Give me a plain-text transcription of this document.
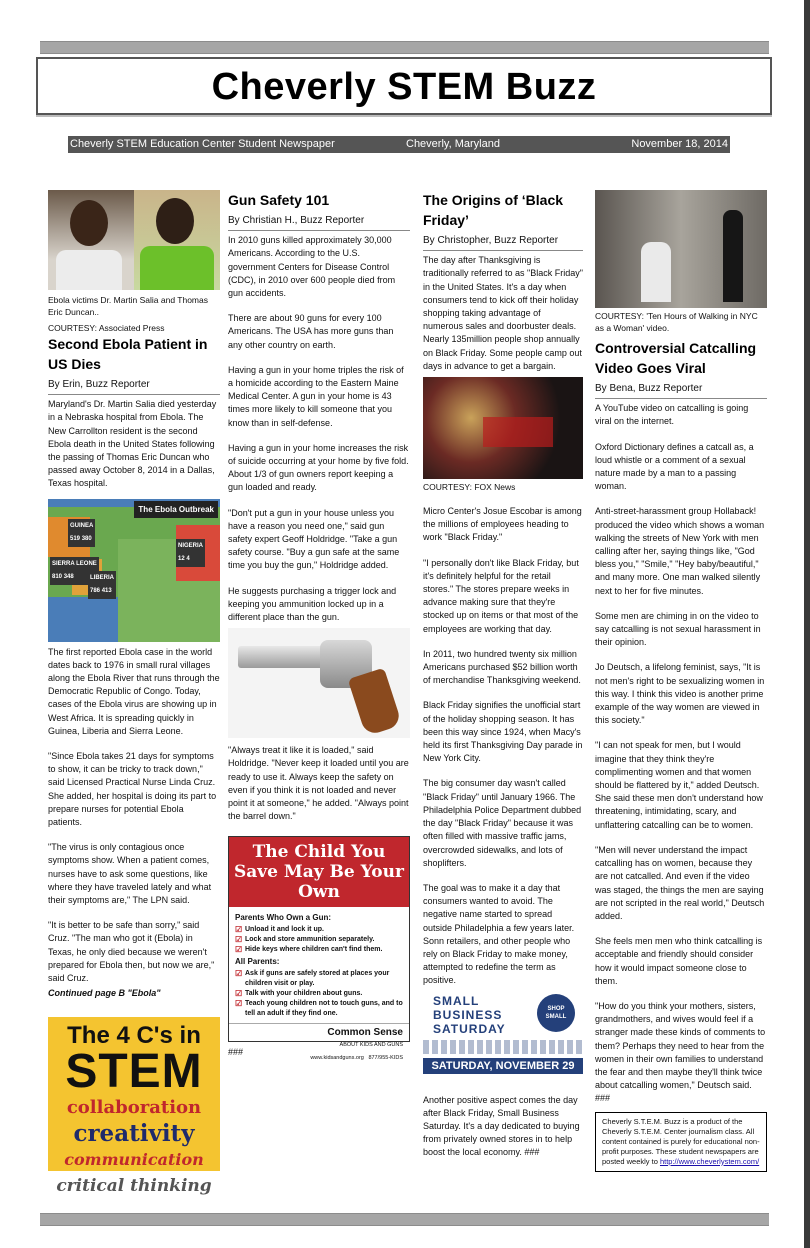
Cheverly STEM Buzz
Cheverly STEM Education Center Student Newspaper	Cheverly, Maryland	November 18, 2014
Ebola victims Dr. Martin Salia and Thomas Eric Duncan..
COURTESY: Associated Press
Second Ebola Patient in US Dies
By Erin, Buzz Reporter

Maryland's Dr. Martin Salia died yesterday in a Nebraska hospital from Ebola. The New Carrollton resident is the second Ebola death in the United States following the passing of Thomas Eric Duncan who passed away October 8, 2014 in a Dallas, Texas hospital.

The Ebola Outbreak
GUINEA
519 380
SIERRA LEONE
810 348	LIBERIA
786 413
NIGERIA
12 4

The first reported Ebola case in the world dates back to 1976 in small rural villages along the Ebola River that runs through the Democratic Republic of Congo. Today, cases of the Ebola virus are showing up in West Africa. It is spreading quickly in Guinea, Liberia and Sierra Leone.

"Since Ebola takes 21 days for symptoms to show, it can be tricky to track down," said Licensed Practical Nurse Linda Cruz. She added, her hospital is doing its part to prepare nurses for potential Ebola patients.

"The virus is only contagious once symptoms show. When a patient comes, nurses have to ask some questions, like where they have traveled lately and what their symptoms are," The LPN said.

"It is better to be safe than sorry," said Cruz. "The man who got it (Ebola) in Texas, he only died because we weren't prepared for Ebola then, but now we are," said Cruz.

Continued page B "Ebola"
The 4 C's in
STEM
collaboration
creativity
communication
critical thinking
Gun Safety 101
By Christian H., Buzz Reporter

In 2010 guns killed approximately 30,000 Americans. According to the U.S. government Centers for Disease Control (CDC), in 2010 over 600 people died from gun accidents.

There are about 90 guns for every 100 Americans. The USA has more guns than any other country on earth.

Having a gun in your home triples the risk of a homicide according to the Eastern Maine Medical Center. A gun in your home is 43 times more likely to kill someone that you know than in self-defense.

Having a gun in your home increases the risk of suicide occurring at your home by five fold. About 1/3 of gun owners report keeping a gun loaded and ready.

"Don't put a gun in your house unless you have a reason you need one," said gun safety expert Geoff Holdridge. "Take a gun safety course. "Buy a gun safe at the same time you buy the gun," Holdridge added.

He suggests purchasing a trigger lock and keeping you ammunition locked up in a different place than the gun.

"Always treat it like it is loaded," said Holdridge. "Never keep it loaded until you are ready to use it. Always keep the safety on even if you think it is not loaded and never point it at someone," he added. "Always point the barrel down."

The Child You Save May Be Your Own
Parents Who Own a Gun:
☑ Unload it and lock it up.
☑ Lock and store ammunition separately.
☑ Hide keys where children can't find them.
All Parents:
☑ Ask if guns are safely stored at places your children visit or play.
☑ Talk with your children about guns.
☑ Teach young children not to touch guns, and to tell an adult if they find one.
Common Sense
ABOUT KIDS AND GUNS
www.kidsandguns.org 877/955-KIDS
###
The Origins of ‘Black Friday’
By Christopher, Buzz Reporter

The day after Thanksgiving is traditionally referred to as "Black Friday" in the United States. It's a day when consumers tend to kick off their holiday shopping taking advantage of numerous sales and doorbuster deals. Nearly 135million people shop annually on Black Friday. Some people camp out days in advance to get a bargain.

COURTESY: FOX News

Micro Center's Josue Escobar is among the millions of employees heading to work "Black Friday."

"I personally don't like Black Friday, but it's definitely helpful for the retail stores." The stores prepare weeks in advance making sure that they're stocked up on items or that most of the employees are working that day.

In 2011, two hundred twenty six million Americans purchased $52 billion worth of merchandise Thanksgiving weekend.

Black Friday signifies the unofficial start of the holiday shopping season. It has been this way since 1924, when Macy's held its first Thanksgiving Day parade in New York City.

The big consumer day wasn't called "Black Friday" until January 1966. The Philadelphia Police Department dubbed the day "Black Friday" because it was often filled with massive traffic jams, overcrowded sidewalks, and lots of shoplifters.

The goal was to make it a day that consumers wanted to avoid. The negative name started to spread outside Philadelphia a few years later. Sonn retailers, and other people who rely on Black Friday to make money, attempted to redefine the term as positive.

SMALL
BUSINESS
SATURDAY
SHOP SMALL
SATURDAY, NOVEMBER 29

Another positive aspect comes the day after Black Friday, Small Business Saturday. It's a day dedicated to buying from privately owned stores in to help boost the local economy. ###

COURTESY: 'Ten Hours of Walking in NYC as a Woman' video.
Controversial Catcalling Video Goes Viral
By Bena, Buzz Reporter

A YouTube video on catcalling is going viral on the internet.

Oxford Dictionary defines a catcall as, a loud whistle or a comment of a sexual nature made by a man to a passing woman.

Anti-street-harassment group Hollaback! produced the video which shows a woman walking the streets of New York with men calling after her, saying things like, "God bless you," "Smile," "Hey baby/beautiful," and many more. One man walked silently next to her for five minutes.

Some men are chiming in on the video to say catcalling is not sexual harassment in their opinion.

Jo Deutsch, a lifelong feminist, says, "It is not men's right to be sexualizing women in this way. I think this video is another prime example of the way women are viewed in this society."

"I can not speak for men, but I would imagine that they think they're complimenting women and that women should be flattered by it," added Deutsch. She said these men don't understand how threatening, intimidating, scary, and unflattering catcalling can be to women.

"Men will never understand the impact catcalling has on women, because they are not catcalled. And even if the video was staged, the things the men are saying are not scripted in the real world," Deutsch added.

She feels men men who think catcalling is acceptable and friendly should consider how it would impact someone close to them.

"How do you think your mothers, sisters, grandmothers, and wives would feel if a stranger made these kinds of comments to them? Perhaps they need to hear from the women in their own families to understand the fear and then maybe they'll think twice about catcalling women," Deutsch said. ###

Cheverly S.T.E.M. Buzz is a product of the Cheverly S.T.E.M. Center journalism class. All content contained is purely for educational non-profit purposes. These student newspapers are posted weekly to http://www.cheverlystem.com/
